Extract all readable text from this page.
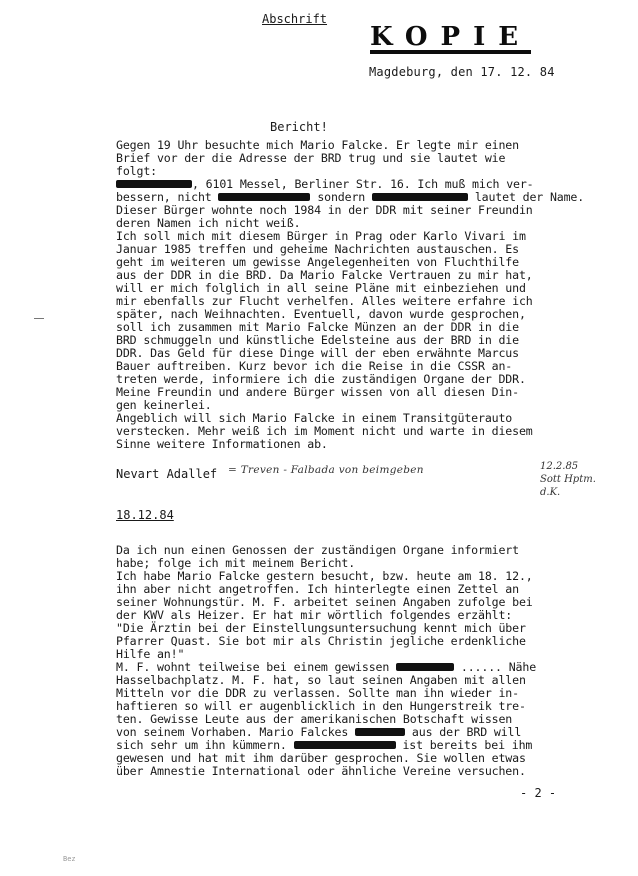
Abschrift
KOPIE
Magdeburg, den 17. 12. 84
Bericht!
Gegen 19 Uhr besuchte mich Mario Falcke. Er legte mir einen
Brief vor der die Adresse der BRD trug und sie lautet wie
folgt:
, 6101 Messel, Berliner Str. 16. Ich muß mich ver-
bessern, nicht	sondern	lautet der Name.
Dieser Bürger wohnte noch 1984 in der DDR mit seiner Freundin
deren Namen ich nicht weiß.
Ich soll mich mit diesem Bürger in Prag oder Karlo Vivari im
Januar 1985 treffen und geheime Nachrichten austauschen. Es
geht im weiteren um gewisse Angelegenheiten von Fluchthilfe
aus der DDR in die BRD. Da Mario Falcke Vertrauen zu mir hat,
will er mich folglich in all seine Pläne mit einbeziehen und
mir ebenfalls zur Flucht verhelfen. Alles weitere erfahre ich
später, nach Weihnachten. Eventuell, davon wurde gesprochen,
soll ich zusammen mit Mario Falcke Münzen an der DDR in die
BRD schmuggeln und künstliche Edelsteine aus der BRD in die
DDR. Das Geld für diese Dinge will der eben erwähnte Marcus
Bauer auftreiben. Kurz bevor ich die Reise in die CSSR an-
treten werde, informiere ich die zuständigen Organe der DDR.
Meine Freundin und andere Bürger wissen von all diesen Din-
gen keinerlei.
Angeblich will sich Mario Falcke in einem Transitgüterauto
verstecken. Mehr weiß ich im Moment nicht und warte in diesem
Sinne weitere Informationen ab.
Nevart Adallef = Treven - Falbada von beimgeben	12.2.85 Sott Hptm. d.K.
18.12.84
Da ich nun einen Genossen der zuständigen Organe informiert
habe; folge ich mit meinem Bericht.
Ich habe Mario Falcke gestern besucht, bzw. heute am 18. 12.,
ihn aber nicht angetroffen. Ich hinterlegte einen Zettel an
seiner Wohnungstür. M. F. arbeitet seinen Angaben zufolge bei
der KWV als Heizer. Er hat mir wörtlich folgendes erzählt:
"Die Ärztin bei der Einstellungsuntersuchung kennt mich über
Pfarrer Quast. Sie bot mir als Christin jegliche erdenkliche
Hilfe an!"
M. F. wohnt teilweise bei einem gewissen	...... Nähe
Hasselbachplatz. M. F. hat, so laut seinen Angaben mit allen
Mitteln vor die DDR zu verlassen. Sollte man ihn wieder in-
haftieren so will er augenblicklich in den Hungerstreik tre-
ten. Gewisse Leute aus der amerikanischen Botschaft wissen
von seinem Vorhaben. Mario Falckes	aus der BRD will
sich sehr um ihn kümmern.	ist bereits bei ihm
gewesen und hat mit ihm darüber gesprochen. Sie wollen etwas
über Amnestie International oder ähnliche Vereine versuchen.
- 2 -
Bez
